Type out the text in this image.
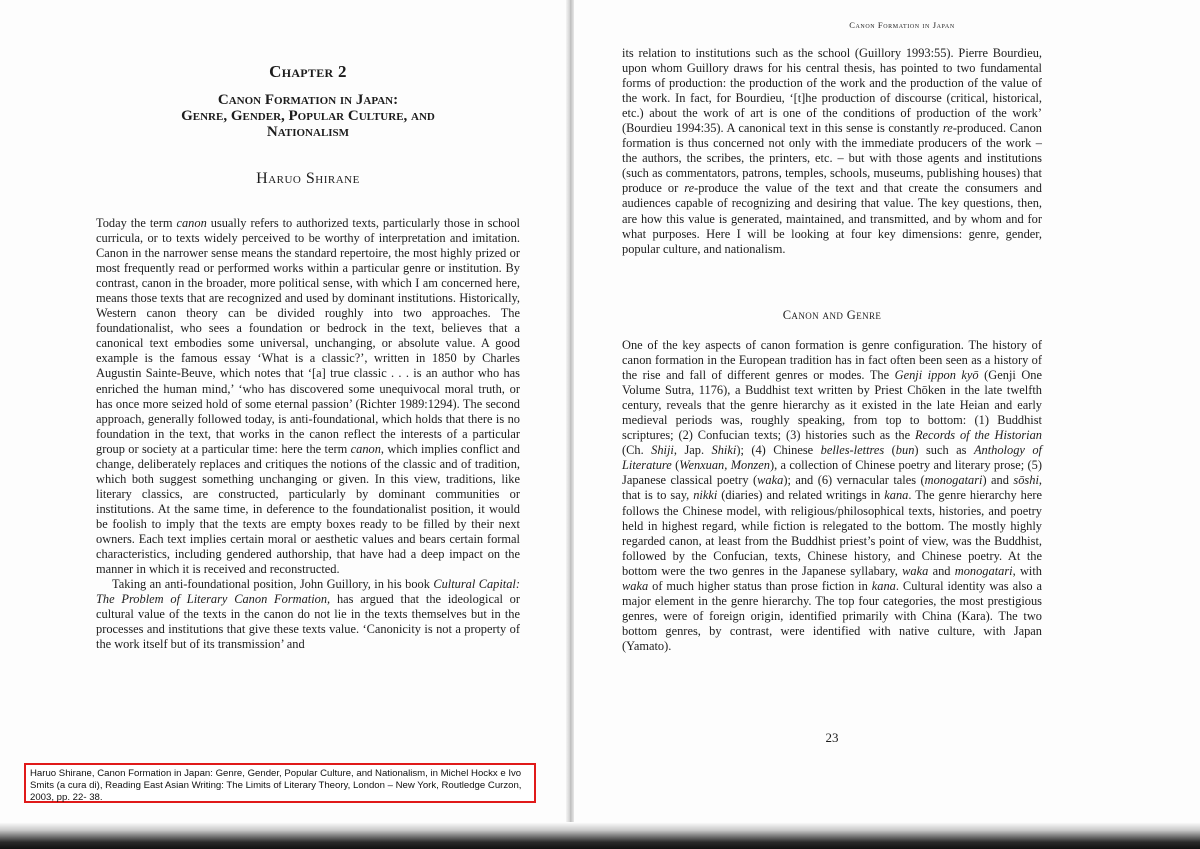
Chapter 2
Canon Formation in Japan:
Genre, Gender, Popular Culture, and
Nationalism
Haruo Shirane

Today the term canon usually refers to authorized texts, particularly those in school curricula, or to texts widely perceived to be worthy of interpretation and imitation. Canon in the narrower sense means the standard repertoire, the most highly prized or most frequently read or performed works within a particular genre or institution. By contrast, canon in the broader, more political sense, with which I am concerned here, means those texts that are recognized and used by dominant institutions. Historically, Western canon theory can be divided roughly into two approaches. The foundationalist, who sees a foundation or bedrock in the text, believes that a canonical text embodies some universal, unchanging, or absolute value. A good example is the famous essay ‘What is a classic?’, written in 1850 by Charles Augustin Sainte-Beuve, which notes that ‘[a] true classic . . . is an author who has enriched the human mind,’ ‘who has discovered some unequivocal moral truth, or has once more seized hold of some eternal passion’ (Richter 1989:1294). The second approach, generally followed today, is anti-foundational, which holds that there is no foundation in the text, that works in the canon reflect the interests of a particular group or society at a particular time: here the term canon, which implies conflict and change, deliberately replaces and critiques the notions of the classic and of tradition, which both suggest something unchanging or given. In this view, traditions, like literary classics, are constructed, particularly by dominant communities or institutions. At the same time, in deference to the foundationalist position, it would be foolish to imply that the texts are empty boxes ready to be filled by their next owners. Each text implies certain moral or aesthetic values and bears certain formal characteristics, including gendered authorship, that have had a deep impact on the manner in which it is received and reconstructed.

Taking an anti-foundational position, John Guillory, in his book Cultural Capital: The Problem of Literary Canon Formation, has argued that the ideological or cultural value of the texts in the canon do not lie in the texts themselves but in the processes and institutions that give these texts value. ‘Canonicity is not a property of the work itself but of its transmission’ and

Canon Formation in Japan

its relation to institutions such as the school (Guillory 1993:55). Pierre Bourdieu, upon whom Guillory draws for his central thesis, has pointed to two fundamental forms of production: the production of the work and the production of the value of the work. In fact, for Bourdieu, ‘[t]he production of discourse (critical, historical, etc.) about the work of art is one of the conditions of production of the work’ (Bourdieu 1994:35). A canonical text in this sense is constantly re-produced. Canon formation is thus concerned not only with the immediate producers of the work – the authors, the scribes, the printers, etc. – but with those agents and institutions (such as commentators, patrons, temples, schools, museums, publishing houses) that produce or re-produce the value of the text and that create the consumers and audiences capable of recognizing and desiring that value. The key questions, then, are how this value is generated, maintained, and transmitted, and by whom and for what purposes. Here I will be looking at four key dimensions: genre, gender, popular culture, and nationalism.

Canon and Genre

One of the key aspects of canon formation is genre configuration. The history of canon formation in the European tradition has in fact often been seen as a history of the rise and fall of different genres or modes. The Genji ippon kyō (Genji One Volume Sutra, 1176), a Buddhist text written by Priest Chōken in the late twelfth century, reveals that the genre hierarchy as it existed in the late Heian and early medieval periods was, roughly speaking, from top to bottom: (1) Buddhist scriptures; (2) Confucian texts; (3) histories such as the Records of the Historian (Ch. Shiji, Jap. Shiki); (4) Chinese belles-lettres (bun) such as Anthology of Literature (Wenxuan, Monzen), a collection of Chinese poetry and literary prose; (5) Japanese classical poetry (waka); and (6) vernacular tales (monogatari) and sōshi, that is to say, nikki (diaries) and related writings in kana. The genre hierarchy here follows the Chinese model, with religious/philosophical texts, histories, and poetry held in highest regard, while fiction is relegated to the bottom. The mostly highly regarded canon, at least from the Buddhist priest’s point of view, was the Buddhist, followed by the Confucian, texts, Chinese history, and Chinese poetry. At the bottom were the two genres in the Japanese syllabary, waka and monogatari, with waka of much higher status than prose fiction in kana. Cultural identity was also a major element in the genre hierarchy. The top four categories, the most prestigious genres, were of foreign origin, identified primarily with China (Kara). The two bottom genres, by contrast, were identified with native culture, with Japan (Yamato).

23
Haruo Shirane, Canon Formation in Japan: Genre, Gender, Popular Culture, and Nationalism, in Michel Hockx e Ivo Smits (a cura di), Reading East Asian Writing: The Limits of Literary Theory, London – New York, Routledge Curzon, 2003, pp. 22- 38.
